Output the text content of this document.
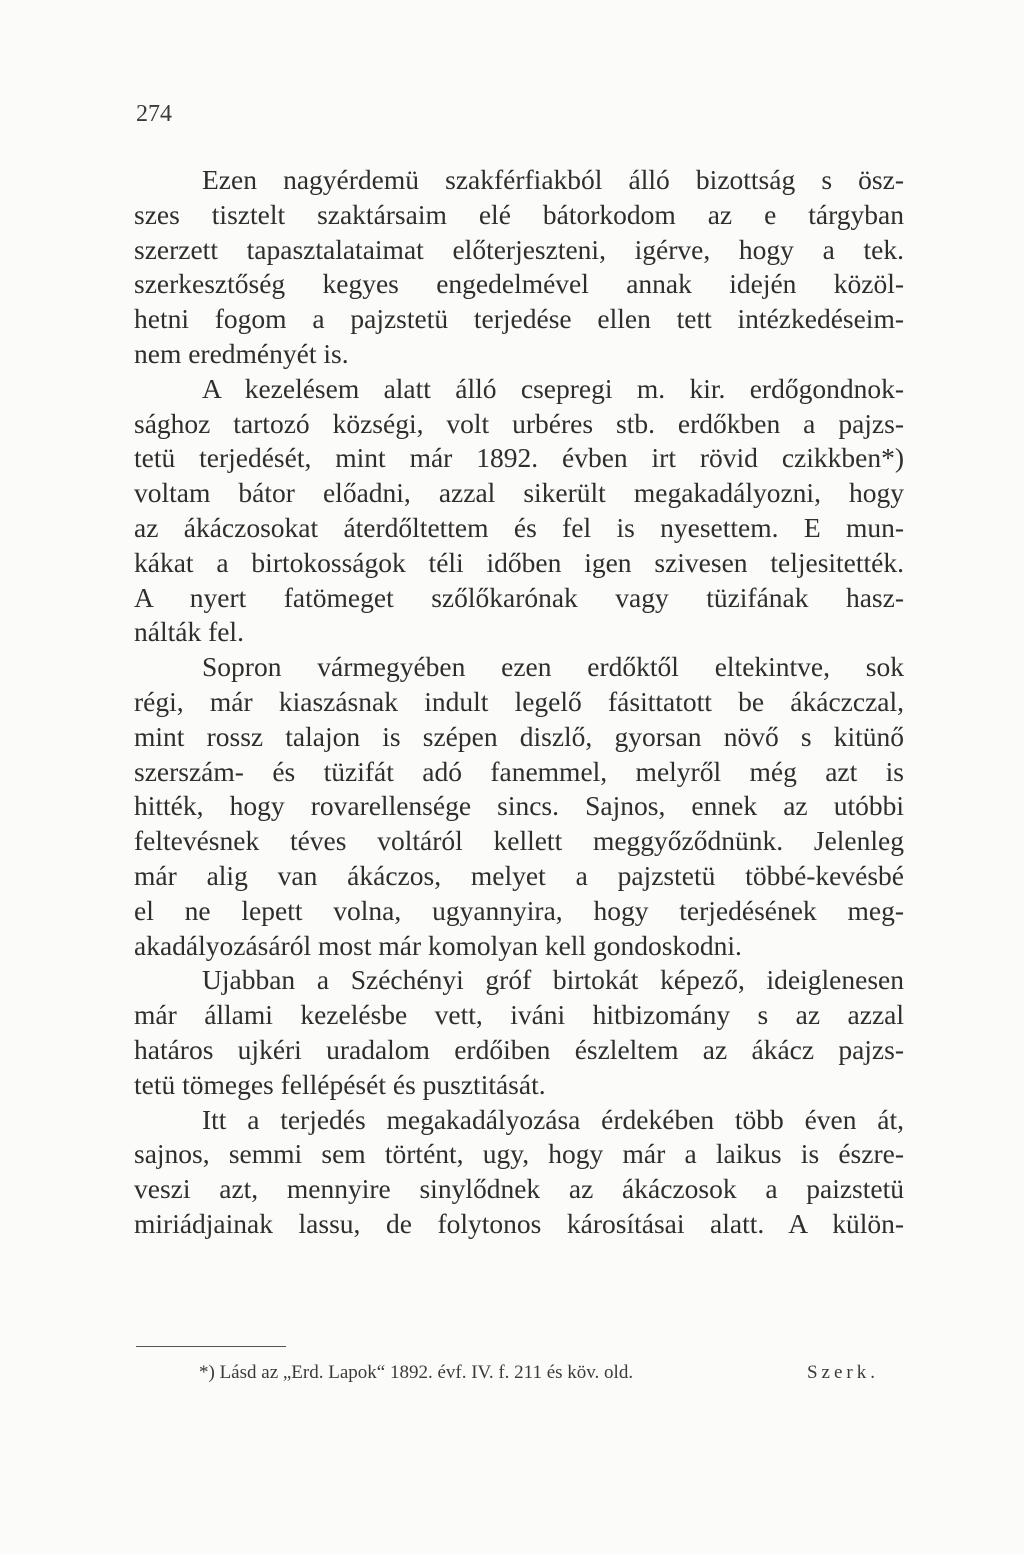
274
Ezen nagyérdemü szakférfiakból álló bizottság s ösz-
szes tisztelt szaktársaim elé bátorkodom az e tárgyban
szerzett tapasztalataimat előterjeszteni, igérve, hogy a tek.
szerkesztőség kegyes engedelmével annak idején közöl-
hetni fogom a pajzstetü terjedése ellen tett intézkedéseim-
nem eredményét is.
A kezelésem alatt álló csepregi m. kir. erdőgondnok-
sághoz tartozó községi, volt urbéres stb. erdőkben a pajzs-
tetü terjedését, mint már 1892. évben irt rövid czikkben*)
voltam bátor előadni, azzal sikerült megakadályozni, hogy
az ákáczosokat áterdőltettem és fel is nyesettem. E mun-
kákat a birtokosságok téli időben igen szivesen teljesitették.
A nyert fatömeget szőlőkarónak vagy tüzifának hasz-
nálták fel.
Sopron vármegyében ezen erdőktől eltekintve, sok
régi, már kiaszásnak indult legelő fásittatott be ákáczczal,
mint rossz talajon is szépen diszlő, gyorsan növő s kitünő
szerszám- és tüzifát adó fanemmel, melyről még azt is
hitték, hogy rovarellensége sincs. Sajnos, ennek az utóbbi
feltevésnek téves voltáról kellett meggyőződnünk. Jelenleg
már alig van ákáczos, melyet a pajzstetü többé-kevésbé
el ne lepett volna, ugyannyira, hogy terjedésének meg-
akadályozásáról most már komolyan kell gondoskodni.
Ujabban a Széchényi gróf birtokát képező, ideiglenesen
már állami kezelésbe vett, iváni hitbizomány s az azzal
határos ujkéri uradalom erdőiben észleltem az ákácz pajzs-
tetü tömeges fellépését és pusztitását.
Itt a terjedés megakadályozása érdekében több éven át,
sajnos, semmi sem történt, ugy, hogy már a laikus is észre-
veszi azt, mennyire sinylődnek az ákáczosok a paizstetü
miriádjainak lassu, de folytonos károsításai alatt. A külön-
*) Lásd az „Erd. Lapok“ 1892. évf. IV. f. 211 és köv. old.	Szerk.
